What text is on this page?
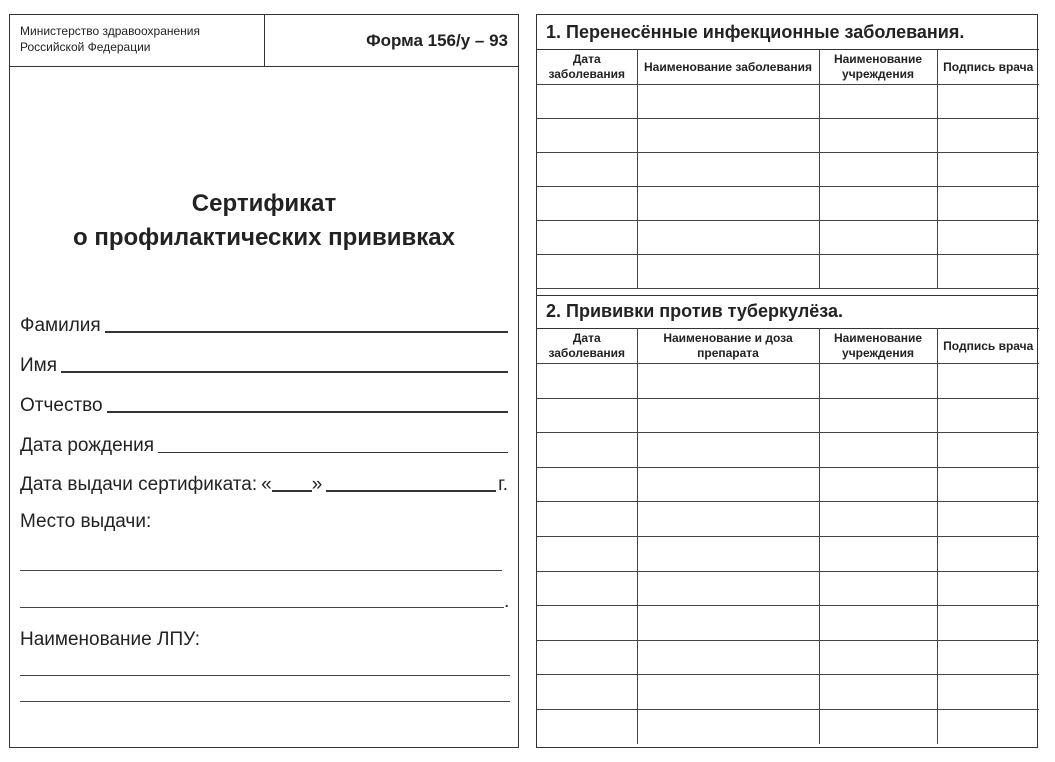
Министерство здравоохранения
Российской Федерации	Форма 156/у – 93
Сертификат
о профилактических прививках
Фамилия
Имя
Отчество
Дата рождения
Дата выдачи сертификата: « »	г.
Место выдачи:
.
Наименование ЛПУ:
1. Перенесённые инфекционные заболевания.
Дата заболевания	Наименование заболевания	Наименование учреждения	Подпись врача

2. Прививки против туберкулёза.
Дата заболевания	Наименование и доза препарата	Наименование учреждения	Подпись врача
